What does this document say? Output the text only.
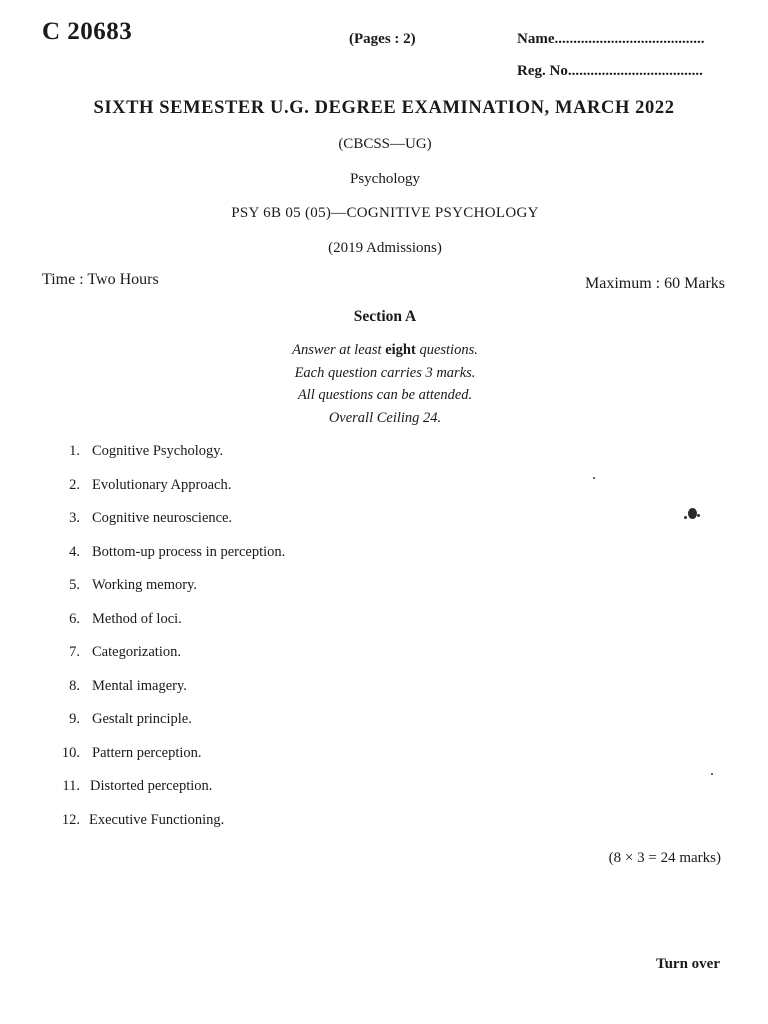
C 20683	(Pages : 2)	Name........................................
Reg. No....................................
SIXTH SEMESTER U.G. DEGREE EXAMINATION, MARCH 2022
(CBCSS—UG)
Psychology
PSY 6B 05 (05)—COGNITIVE PSYCHOLOGY
(2019 Admissions)
Time : Two Hours	Maximum : 60 Marks
Section A
Answer at least eight questions.
Each question carries 3 marks.
All questions can be attended.
Overall Ceiling 24.
1. Cognitive Psychology.
2. Evolutionary Approach.
3. Cognitive neuroscience.
4. Bottom-up process in perception.
5. Working memory.
6. Method of loci.
7. Categorization.
8. Mental imagery.
9. Gestalt principle.
10. Pattern perception.
11. Distorted perception.
12. Executive Functioning.
(8 × 3 = 24 marks)
Turn over
